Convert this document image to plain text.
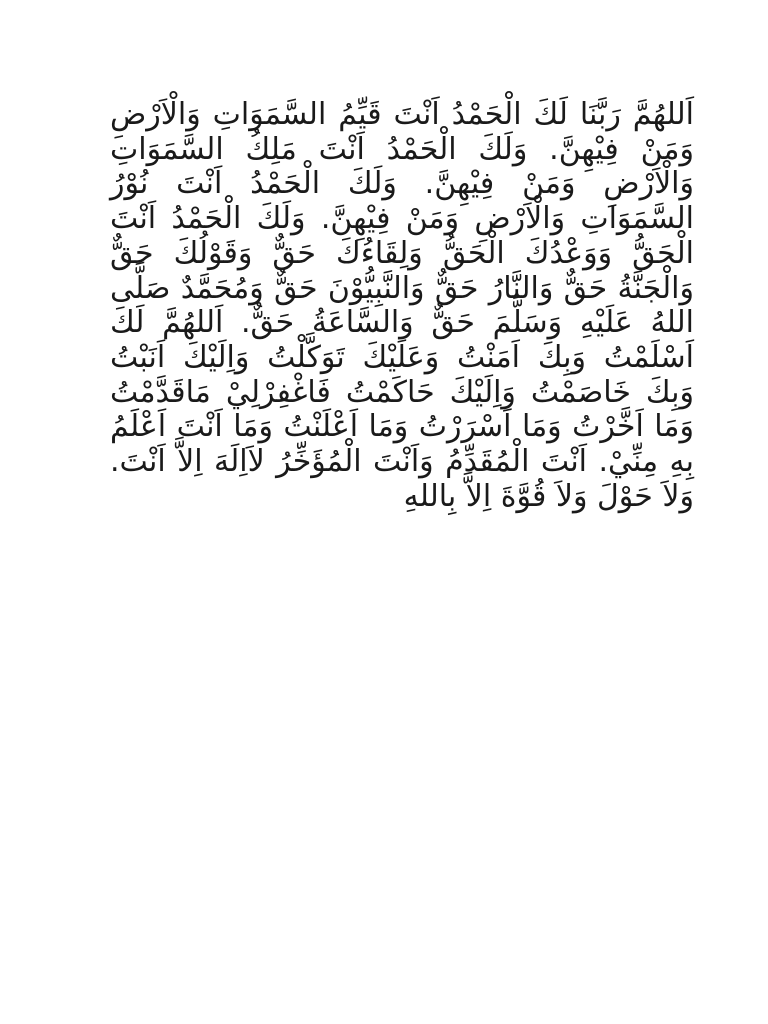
اَللهُمَّ رَبَّنَا لَكَ الْحَمْدُ اَنْتَ قَيِّمُ السَّمَوَاتِ وَالْاَرْضِ وَمَنْ فِيْهِنَّ. وَلَكَ الْحَمْدُ اَنْتَ مَلِكُ السَّمَوَاتِ وَالْاَرْضِ وَمَنْ فِيْهِنَّ. وَلَكَ الْحَمْدُ اَنْتَ نُوْرُ السَّمَوَاتِ وَالْاَرْضِ وَمَنْ فِيْهِنَّ. وَلَكَ الْحَمْدُ اَنْتَ الْحَقُّ وَوَعْدُكَ الْحَقُّ وَلِقَاءُكَ حَقٌّ وَقَوْلُكَ حَقٌّ وَالْجَنَّةُ حَقٌّ وَالنَّارُ حَقٌّ وَالنَّبِيُّوْنَ حَقٌّ وَمُحَمَّدٌ صَلَّى اللهُ عَلَيْهِ وَسَلَّمَ حَقٌّ وَالسَّاعَةُ حَقٌّ. اَللهُمَّ لَكَ اَسْلَمْتُ وَبِكَ اَمَنْتُ وَعَلَيْكَ تَوَكَّلْتُ وَاِلَيْكَ اَنَبْتُ وَبِكَ خَاصَمْتُ وَاِلَيْكَ حَاكَمْتُ فَاغْفِرْلِيْ مَاقَدَّمْتُ وَمَا اَخَّرْتُ وَمَا اَسْرَرْتُ وَمَا اَعْلَنْتُ وَمَا اَنْتَ اَعْلَمُ بِهِ مِنِّيْ. اَنْتَ الْمُقَدِّمُ وَاَنْتَ الْمُؤَخِّرُ لاَاِلَهَ اِلاَّ اَنْتَ. وَلاَ حَوْلَ وَلاَ قُوَّةَ اِلاَّ بِاللهِ
